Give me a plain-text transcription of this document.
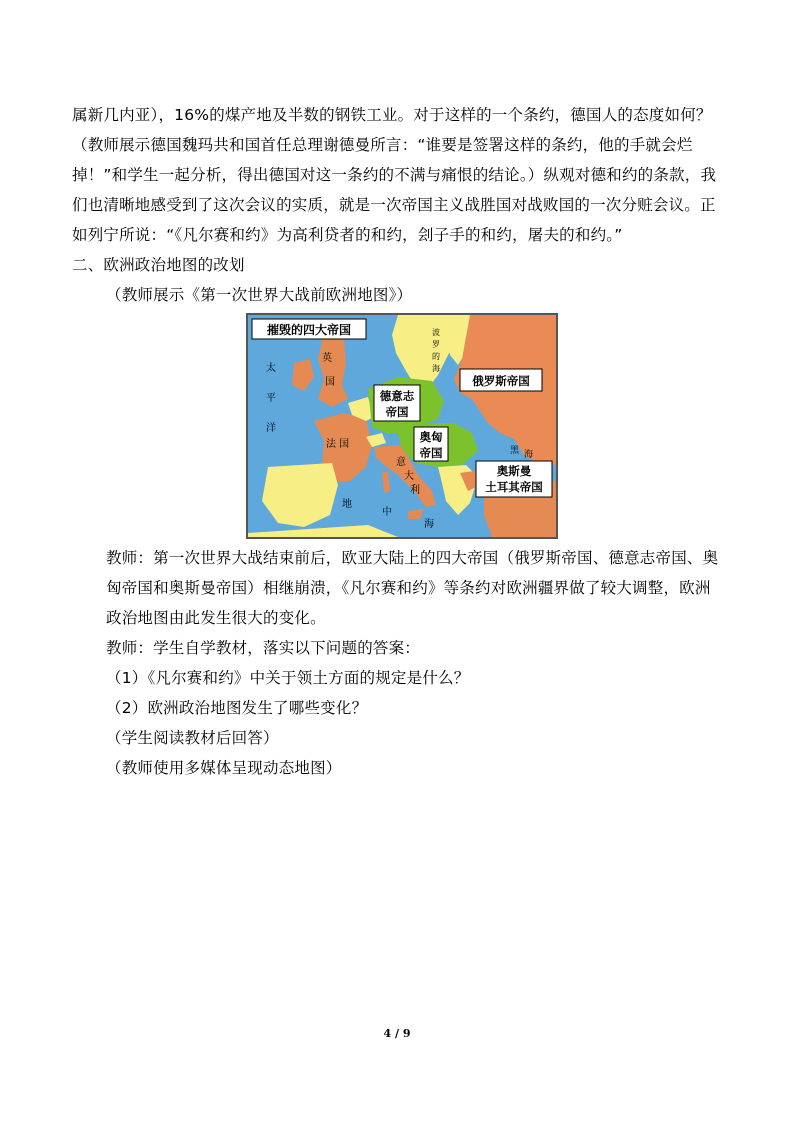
属新几内亚），16%的煤产地及半数的钢铁工业。对于这样的一个条约，德国人的态度如何？（教师展示德国魏玛共和国首任总理谢德曼所言：“谁要是签署这样的条约，他的手就会烂掉！”和学生一起分析，得出德国对这一条约的不满与痛恨的结论。）纵观对德和约的条款，我们也清晰地感受到了这次会议的实质，就是一次帝国主义战胜国对战败国的一次分赃会议。正如列宁所说：“《凡尔赛和约》为高利贷者的和约，刽子手的和约，屠夫的和约。”

二、欧洲政治地图的改划

（教师展示《第一次世界大战前欧洲地图》）

摧毁的四大帝国
俄罗斯帝国
德意志
帝国
奥匈
帝国
奥斯曼
土耳其帝国
太
平
洋
英
国
法 国
意
大
利
地
中
海
黑 海
波
罗
的
海

教师：第一次世界大战结束前后，欧亚大陆上的四大帝国（俄罗斯帝国、德意志帝国、奥匈帝国和奥斯曼帝国）相继崩溃，《凡尔赛和约》等条约对欧洲疆界做了较大调整，欧洲政治地图由此发生很大的变化。

教师：学生自学教材，落实以下问题的答案：

（1）《凡尔赛和约》中关于领土方面的规定是什么？

（2）欧洲政治地图发生了哪些变化？

（学生阅读教材后回答）

（教师使用多媒体呈现动态地图）

4 / 9
